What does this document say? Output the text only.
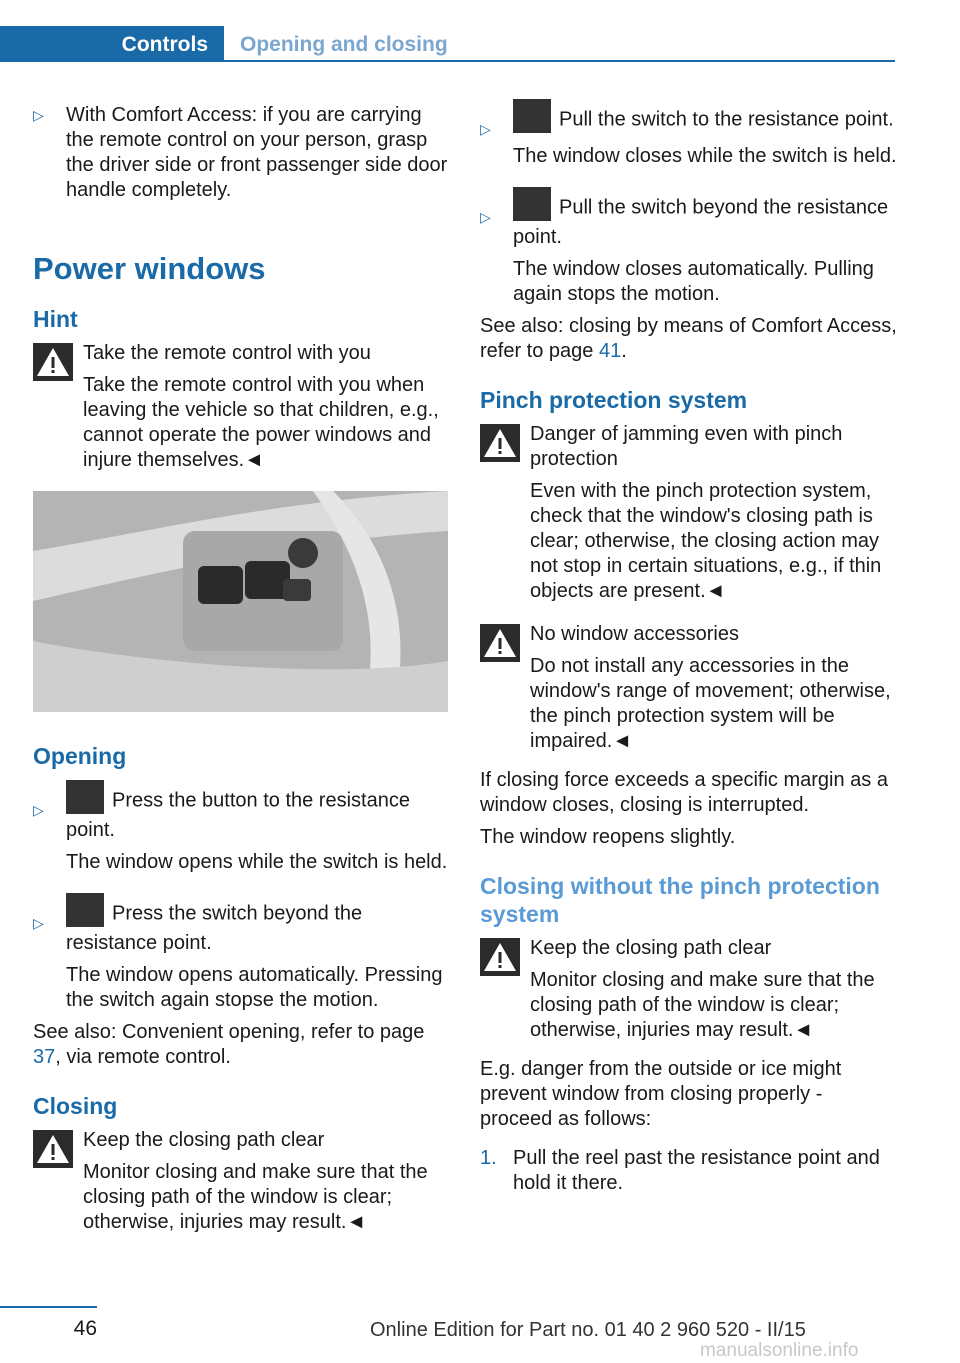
Controls	Opening and closing
▷ With Comfort Access: if you are carrying the remote control on your person, grasp the driver side or front passenger side door handle completely.

Power windows
Hint

Take the remote control with you

Take the remote control with you when leaving the vehicle so that children, e.g., cannot operate the power windows and injure themselves.◄

Opening
▷	Press the button to the resistance point.

The window opens while the switch is held.

▷	Press the switch beyond the resistance point.

The window opens automatically. Pressing the switch again stopse the motion.

See also: Convenient opening, refer to page 37, via remote control.

Closing

Keep the closing path clear

Monitor closing and make sure that the closing path of the window is clear; otherwise, injuries may result.◄

▷	Pull the switch to the resistance point.

The window closes while the switch is held.

▷	Pull the switch beyond the resistance point.

The window closes automatically. Pulling again stops the motion.

See also: closing by means of Comfort Access, refer to page 41.

Pinch protection system

Danger of jamming even with pinch protection

Even with the pinch protection system, check that the window's closing path is clear; otherwise, the closing action may not stop in certain situations, e.g., if thin objects are present.◄

No window accessories

Do not install any accessories in the window's range of movement; otherwise, the pinch protection system will be impaired.◄

If closing force exceeds a specific margin as a window closes, closing is interrupted.

The window reopens slightly.

Closing without the pinch protection system

Keep the closing path clear

Monitor closing and make sure that the closing path of the window is clear; otherwise, injuries may result.◄

E.g. danger from the outside or ice might prevent window from closing properly - proceed as follows:

1. Pull the reel past the resistance point and hold it there.

46	Online Edition for Part no. 01 40 2 960 520 - II/15
manualsonline.info
